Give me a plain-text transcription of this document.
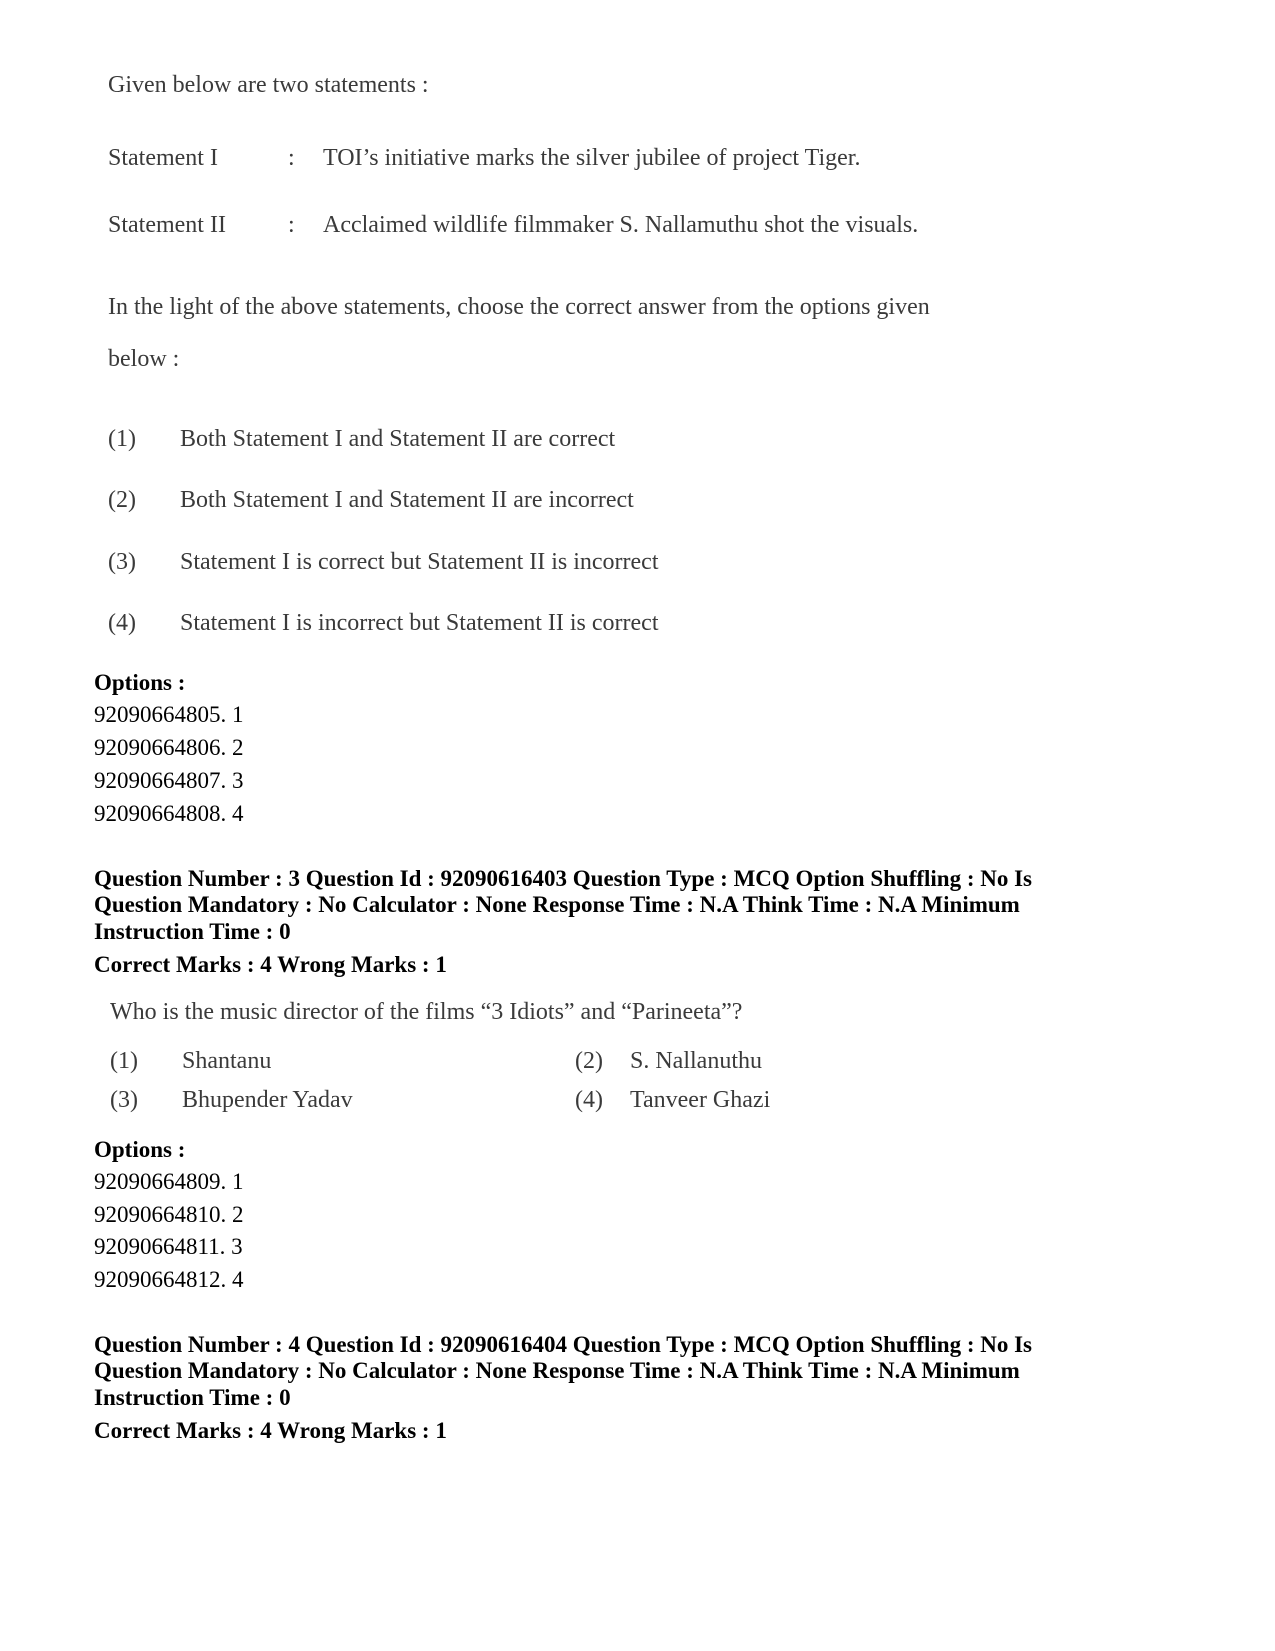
Given below are two statements :
Statement I	: TOI’s initiative marks the silver jubilee of project Tiger.
Statement II	: Acclaimed wildlife filmmaker S. Nallamuthu shot the visuals.
In the light of the above statements, choose the correct answer from the options given
below :
(1) Both Statement I and Statement II are correct
(2) Both Statement I and Statement II are incorrect
(3) Statement I is correct but Statement II is incorrect
(4) Statement I is incorrect but Statement II is correct
Options :
92090664805. 1
92090664806. 2
92090664807. 3
92090664808. 4
Question Number : 3 Question Id : 92090616403 Question Type : MCQ Option Shuffling : No Is
Question Mandatory : No Calculator : None Response Time : N.A Think Time : N.A Minimum
Instruction Time : 0
Correct Marks : 4 Wrong Marks : 1
Who is the music director of the films “3 Idiots” and “Parineeta”?
(1) Shantanu	(2) S. Nallanuthu
(3) Bhupender Yadav	(4) Tanveer Ghazi
Options :
92090664809. 1
92090664810. 2
92090664811. 3
92090664812. 4
Question Number : 4 Question Id : 92090616404 Question Type : MCQ Option Shuffling : No Is
Question Mandatory : No Calculator : None Response Time : N.A Think Time : N.A Minimum
Instruction Time : 0
Correct Marks : 4 Wrong Marks : 1
